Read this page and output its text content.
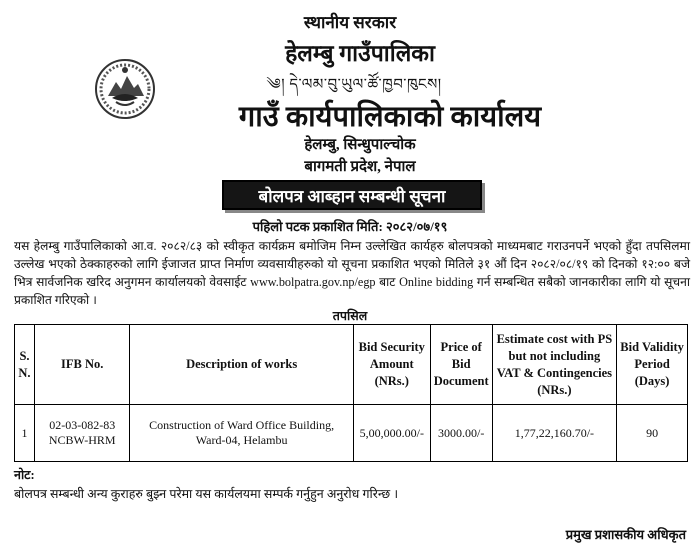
स्थानीय सरकार
हेलम्बु गाउँपालिका
༄། དེ་ལམ་བུ་ཡུལ་ཚོ་ཁྱབ་ཁུངས།
गाउँ कार्यपालिकाको कार्यालय
हेलम्बु, सिन्धुपाल्चोक
बागमती प्रदेश, नेपाल
बोलपत्र आब्हान सम्बन्धी सूचना
पहिलो पटक प्रकाशित मिति: २०८२/०७/१९

यस हेलम्बु गाउँपालिकाको आ.व. २०८२/८३ को स्वीकृत कार्यक्रम बमोजिम निम्न उल्लेखित कार्यहरु बोलपत्रको माध्यमबाट गराउनपर्ने भएको हुँदा तपसिलमा उल्लेख भएको ठेक्काहरुको लागि ईजाजत प्राप्त निर्माण व्यवसायीहरुको यो सूचना प्रकाशित भएको मितिले ३१ औं दिन २०८२/०८/१९ को दिनको १२:०० बजे भित्र सार्वजनिक खरिद अनुगमन कार्यालयको वेवसाईट www.bolpatra.gov.np/egp बाट Online bidding गर्न सम्बन्धित सबैको जानकारीका लागि यो सूचना प्रकाशित गरिएको ।

तपसिल
S. N.	IFB No.	Description of works	Bid Security Amount (NRs.)	Price of Bid Document	Estimate cost with PS but not including VAT & Contingencies (NRs.)	Bid Validity Period (Days)
1	02-03-082-83 NCBW-HRM	Construction of Ward Office Building, Ward-04, Helambu	5,00,000.00/-	3000.00/-	1,77,22,160.70/-	90
नोट:
बोलपत्र सम्बन्धी अन्य कुराहरु बुझ्न परेमा यस कार्यलयमा सम्पर्क गर्नुहुन अनुरोध गरिन्छ ।
प्रमुख प्रशासकीय अधिकृत
